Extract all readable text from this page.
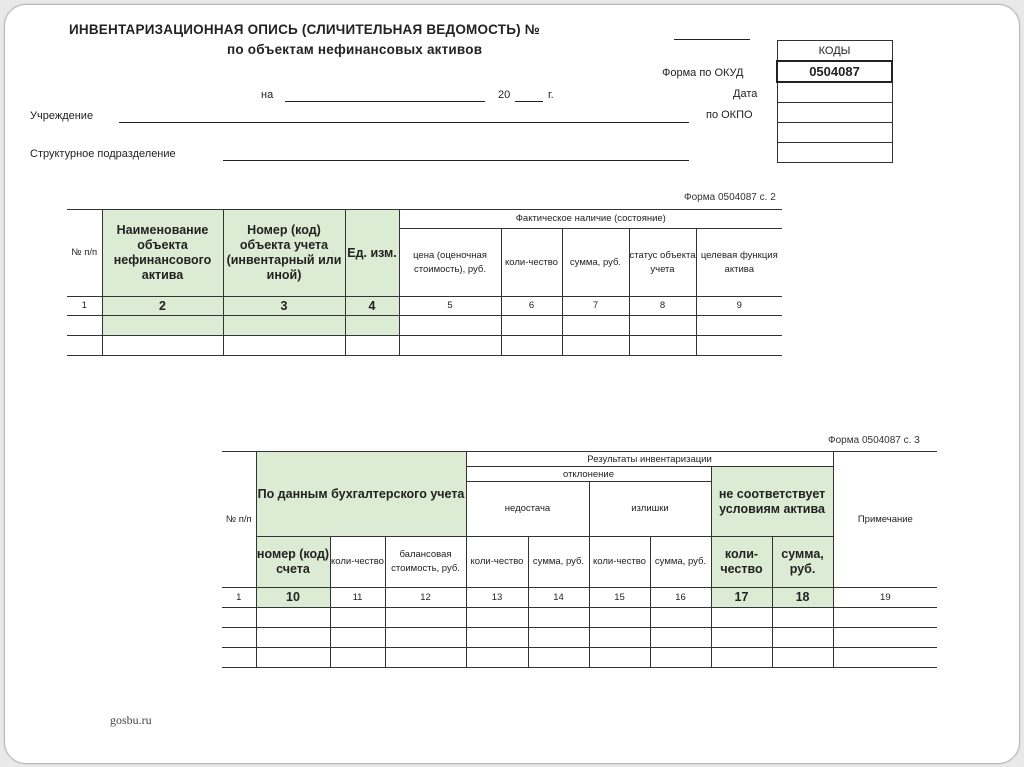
ИНВЕНТАРИЗАЦИОННАЯ ОПИСЬ (СЛИЧИТЕЛЬНАЯ ВЕДОМОСТЬ) №
по объектам нефинансовых активов
на	20	г.
Учреждение
Структурное подразделение
Форма по ОКУД
Дата
по ОКПО
КОДЫ
0504087

Форма 0504087 с. 2
№ п/п	Наименование объекта нефинансового актива	Номер (код) объекта учета (инвентарный или иной)	Ед. изм.	Фактическое наличие (состояние)				
				цена (оценочная стоимость), руб.	коли-чество	сумма, руб.	статус объекта учета	целевая функция актива
1	2	3	4	5	6	7	8	9

Форма 0504087 с. 3
№ п/п	По данным бухгалтерского учета			Результаты инвентаризации						Примечание
				отклонение				не соответствует условиям актива		
				недостача		излишки				
	номер (код) счета	коли-чество	балансовая стоимость, руб.	коли-чество	сумма, руб.	коли-чество	сумма, руб.	коли-чество	сумма, руб.	
1	10	11	12	13	14	15	16	17	18	19

gosbu.ru
